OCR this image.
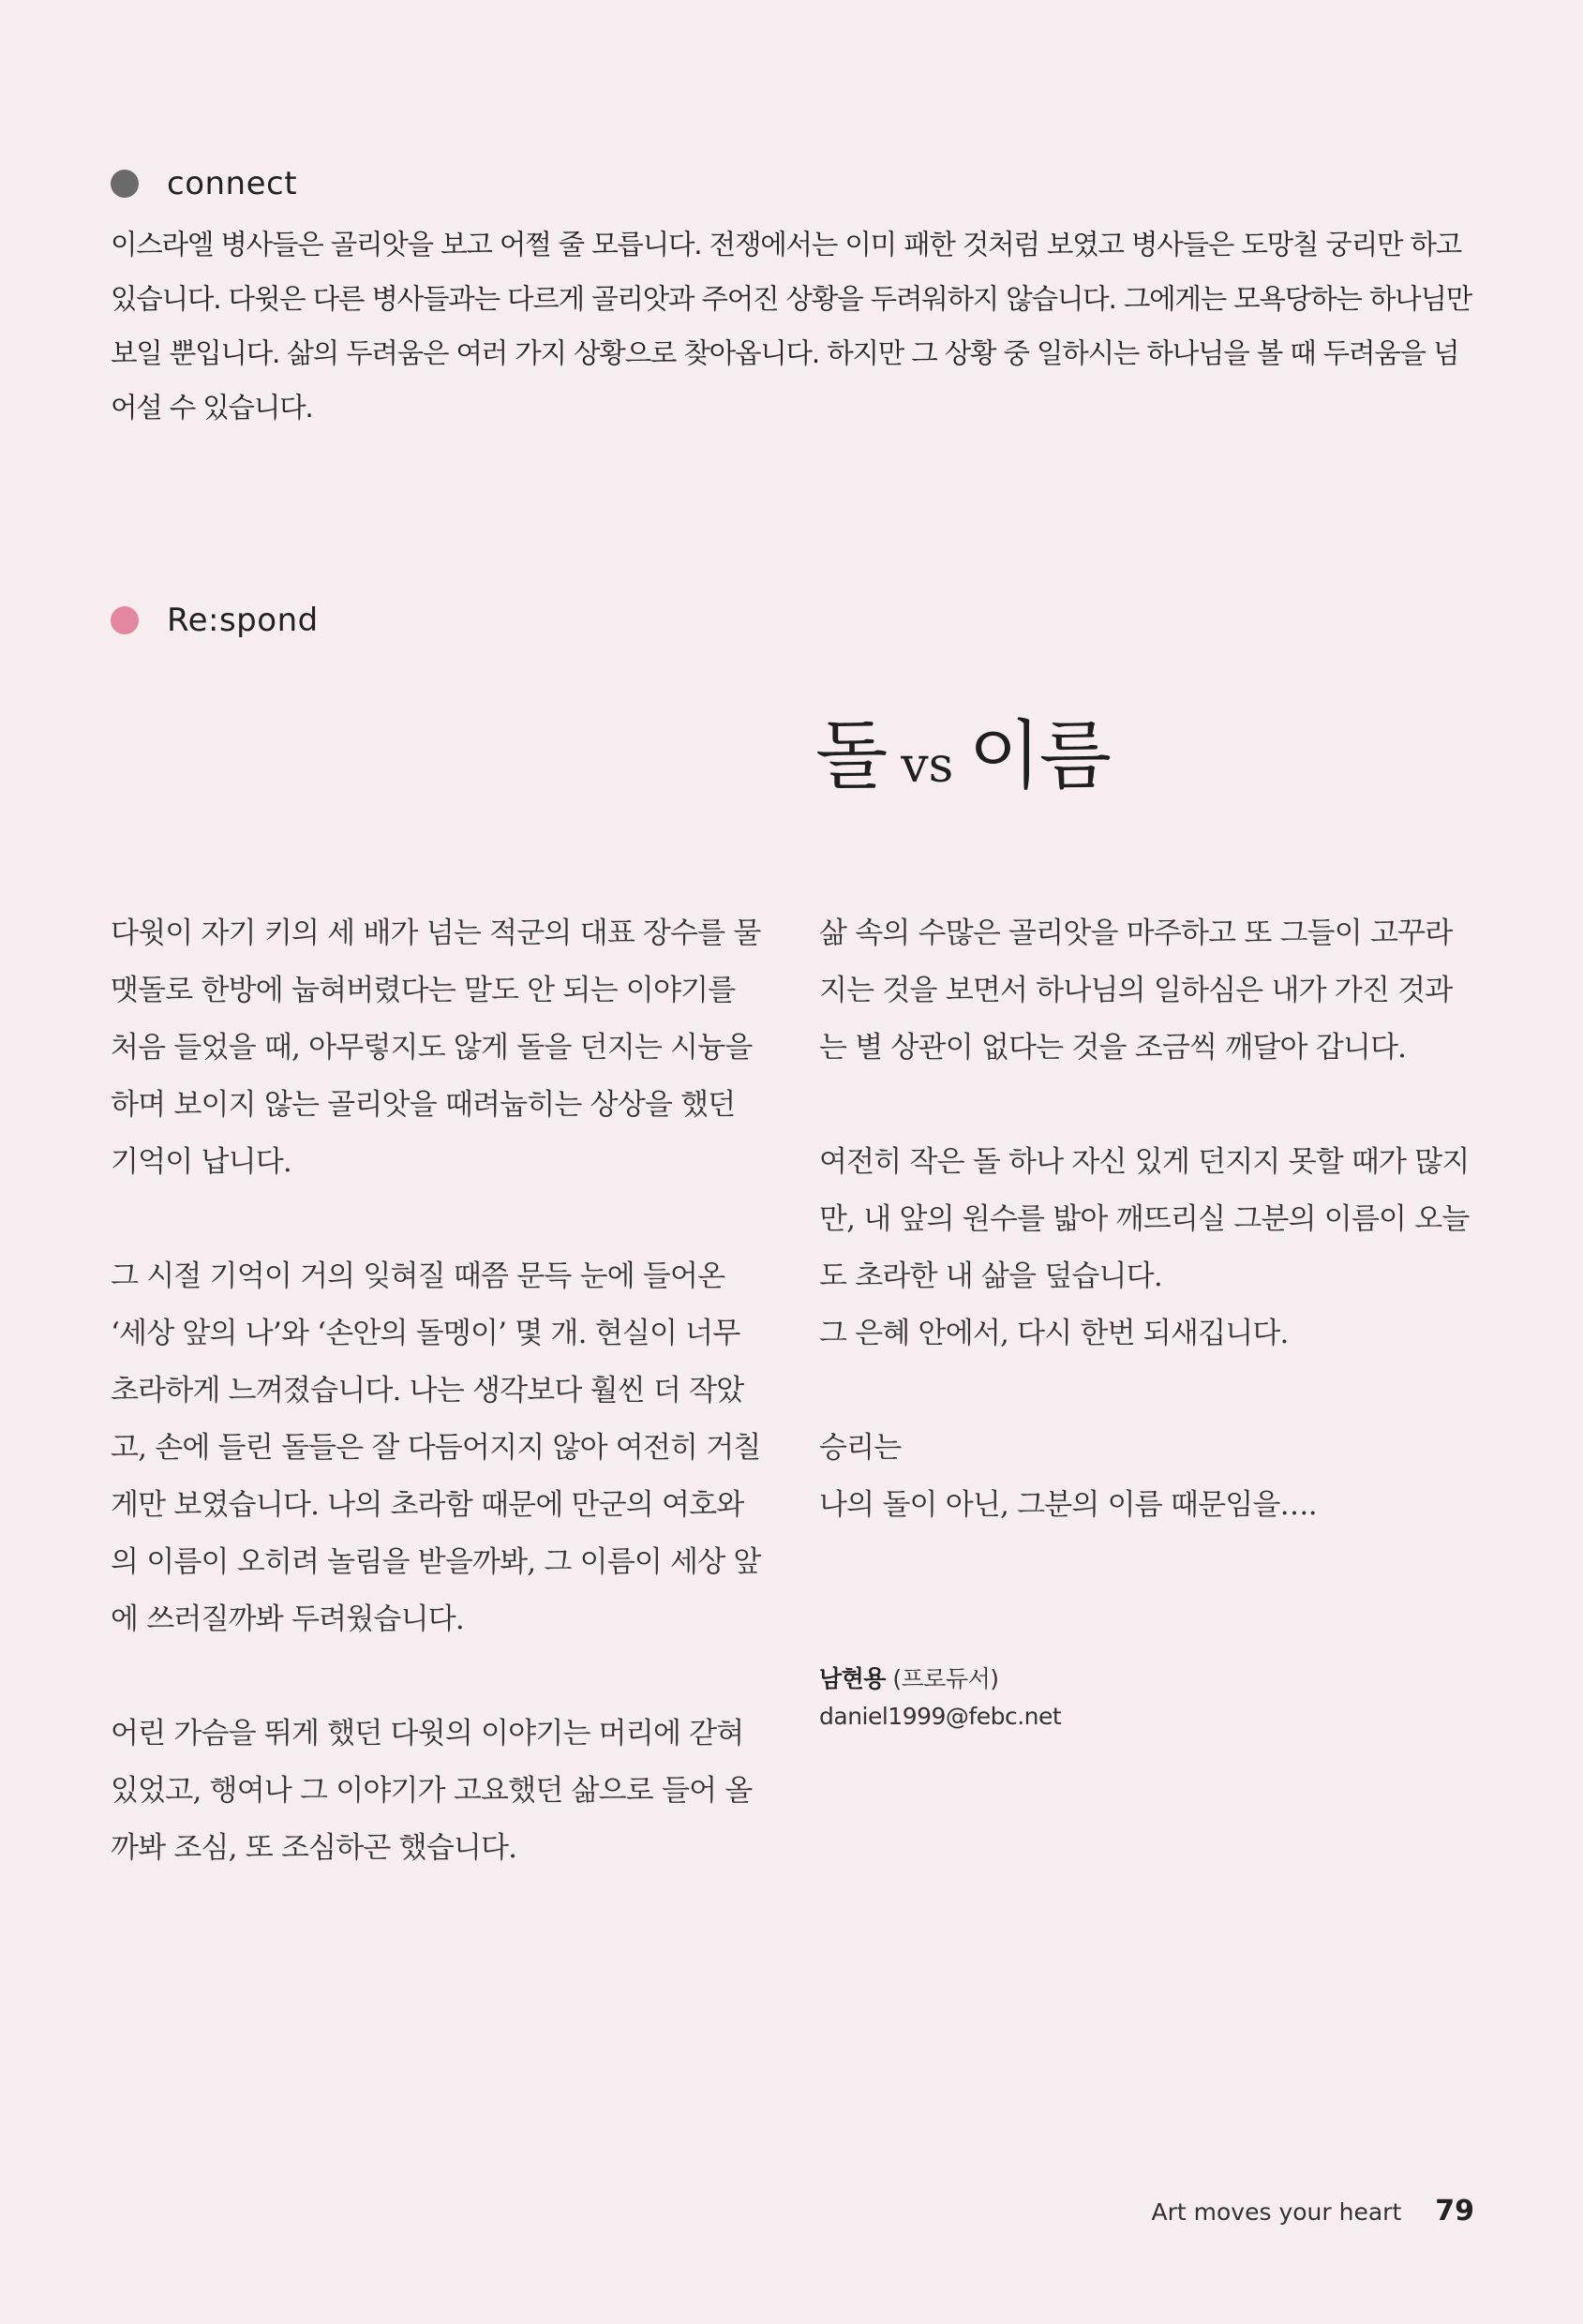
connect
이스라엘 병사들은 골리앗을 보고 어쩔 줄 모릅니다. 전쟁에서는 이미 패한 것처럼 보였고 병사들은 도망칠 궁리만 하고 있습니다. 다윗은 다른 병사들과는 다르게 골리앗과 주어진 상황을 두려워하지 않습니다. 그에게는 모욕당하는 하나님만 보일 뿐입니다. 삶의 두려움은 여러 가지 상황으로 찾아옵니다. 하지만 그 상황 중 일하시는 하나님을 볼 때 두려움을 넘어설 수 있습니다.
Re:spond
돌vs 이름

다윗이 자기 키의 세 배가 넘는 적군의 대표 장수를 물맷돌로 한방에 눕혀버렸다는 말도 안 되는 이야기를 처음 들었을 때, 아무렇지도 않게 돌을 던지는 시늉을 하며 보이지 않는 골리앗을 때려눕히는 상상을 했던 기억이 납니다.

그 시절 기억이 거의 잊혀질 때쯤 문득 눈에 들어온 ‘세상 앞의 나’와 ‘손안의 돌멩이’ 몇 개. 현실이 너무 초라하게 느껴졌습니다. 나는 생각보다 훨씬 더 작았고, 손에 들린 돌들은 잘 다듬어지지 않아 여전히 거칠게만 보였습니다. 나의 초라함 때문에 만군의 여호와의 이름이 오히려 놀림을 받을까봐, 그 이름이 세상 앞에 쓰러질까봐 두려웠습니다.

어린 가슴을 뛰게 했던 다윗의 이야기는 머리에 갇혀 있었고, 행여나 그 이야기가 고요했던 삶으로 들어 올까봐 조심, 또 조심하곤 했습니다.

삶 속의 수많은 골리앗을 마주하고 또 그들이 고꾸라지는 것을 보면서 하나님의 일하심은 내가 가진 것과는 별 상관이 없다는 것을 조금씩 깨달아 갑니다.

여전히 작은 돌 하나 자신 있게 던지지 못할 때가 많지만, 내 앞의 원수를 밟아 깨뜨리실 그분의 이름이 오늘도 초라한 내 삶을 덮습니다.

그 은혜 안에서, 다시 한번 되새깁니다.

승리는

나의 돌이 아닌, 그분의 이름 때문임을….

남현용 (프로듀서)
daniel1999@febc.net
Art moves your heart 79
